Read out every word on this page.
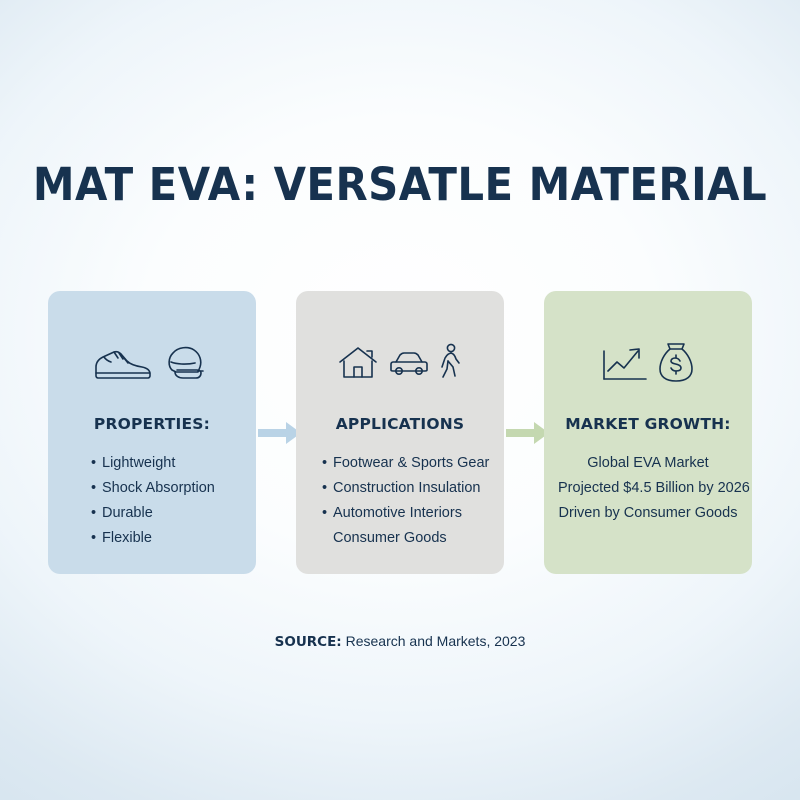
MAT EVA: VERSATLE MATERIAL
PROPERTIES:
• Lightweight
• Shock Absorption
• Durable
• Flexible
APPLICATIONS
• Footwear & Sports Gear
• Construction Insulation
• Automotive Interiors
Consumer Goods
MARKET GROWTH:
Global EVA Market
Projected $4.5 Billion by 2026
Driven by Consumer Goods
SOURCE: Research and Markets, 2023
